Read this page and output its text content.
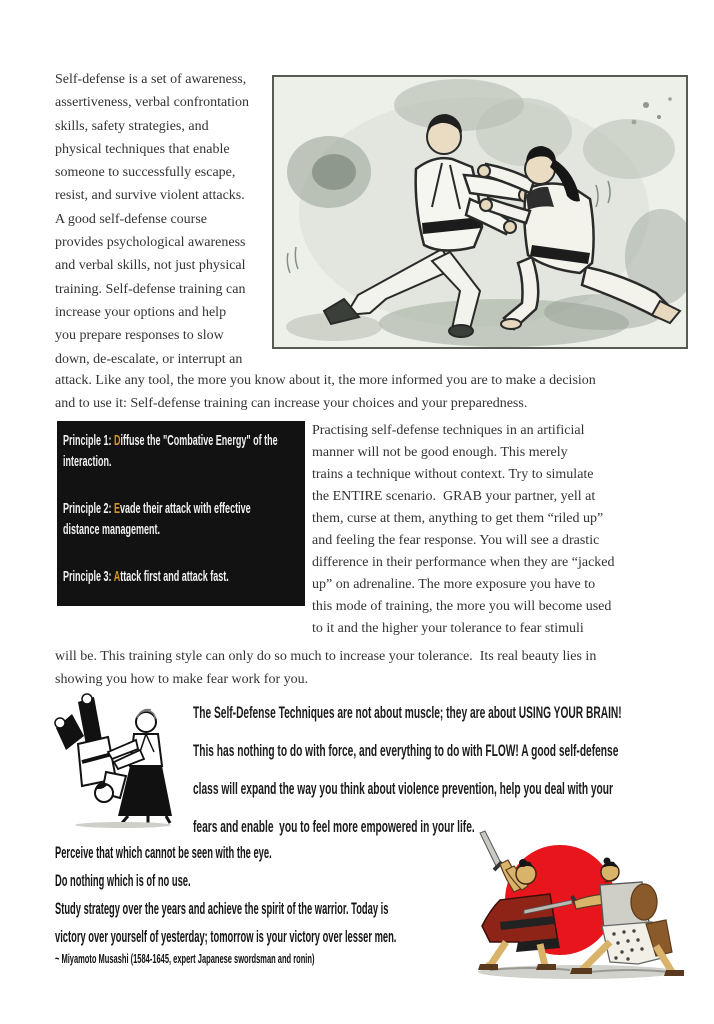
Self-defense is a set of awareness,
assertiveness, verbal confrontation
skills, safety strategies, and
physical techniques that enable
someone to successfully escape,
resist, and survive violent attacks.
A good self-defense course
provides psychological awareness
and verbal skills, not just physical
training. Self-defense training can
increase your options and help
you prepare responses to slow
down, de-escalate, or interrupt an
attack. Like any tool, the more you know about it, the more informed you are to make a decision
and to use it: Self-defense training can increase your choices and your preparedness.
Principle 1: Diffuse the "Combative Energy" of the interaction.
Principle 2: Evade their attack with effective distance management.
Principle 3: Attack first and attack fast.
Practising self-defense techniques in an artificial
manner will not be good enough. This merely
trains a technique without context. Try to simulate
the ENTIRE scenario.  GRAB your partner, yell at
them, curse at them, anything to get them “riled up”
and feeling the fear response. You will see a drastic
difference in their performance when they are “jacked
up” on adrenaline. The more exposure you have to
this mode of training, the more you will become used
to it and the higher your tolerance to fear stimuli
will be. This training style can only do so much to increase your tolerance.  Its real beauty lies in
showing you how to make fear work for you.
The Self-Defense Techniques are not about muscle; they are about USING YOUR BRAIN!
This has nothing to do with force, and everything to do with FLOW! A good self-defense
class will expand the way you think about violence prevention, help you deal with your
fears and enable  you to feel more empowered in your life.
Perceive that which cannot be seen with the eye.
Do nothing which is of no use.
Study strategy over the years and achieve the spirit of the warrior. Today is
victory over yourself of yesterday; tomorrow is your victory over lesser men.
~ Miyamoto Musashi (1584-1645, expert Japanese swordsman and ronin)
